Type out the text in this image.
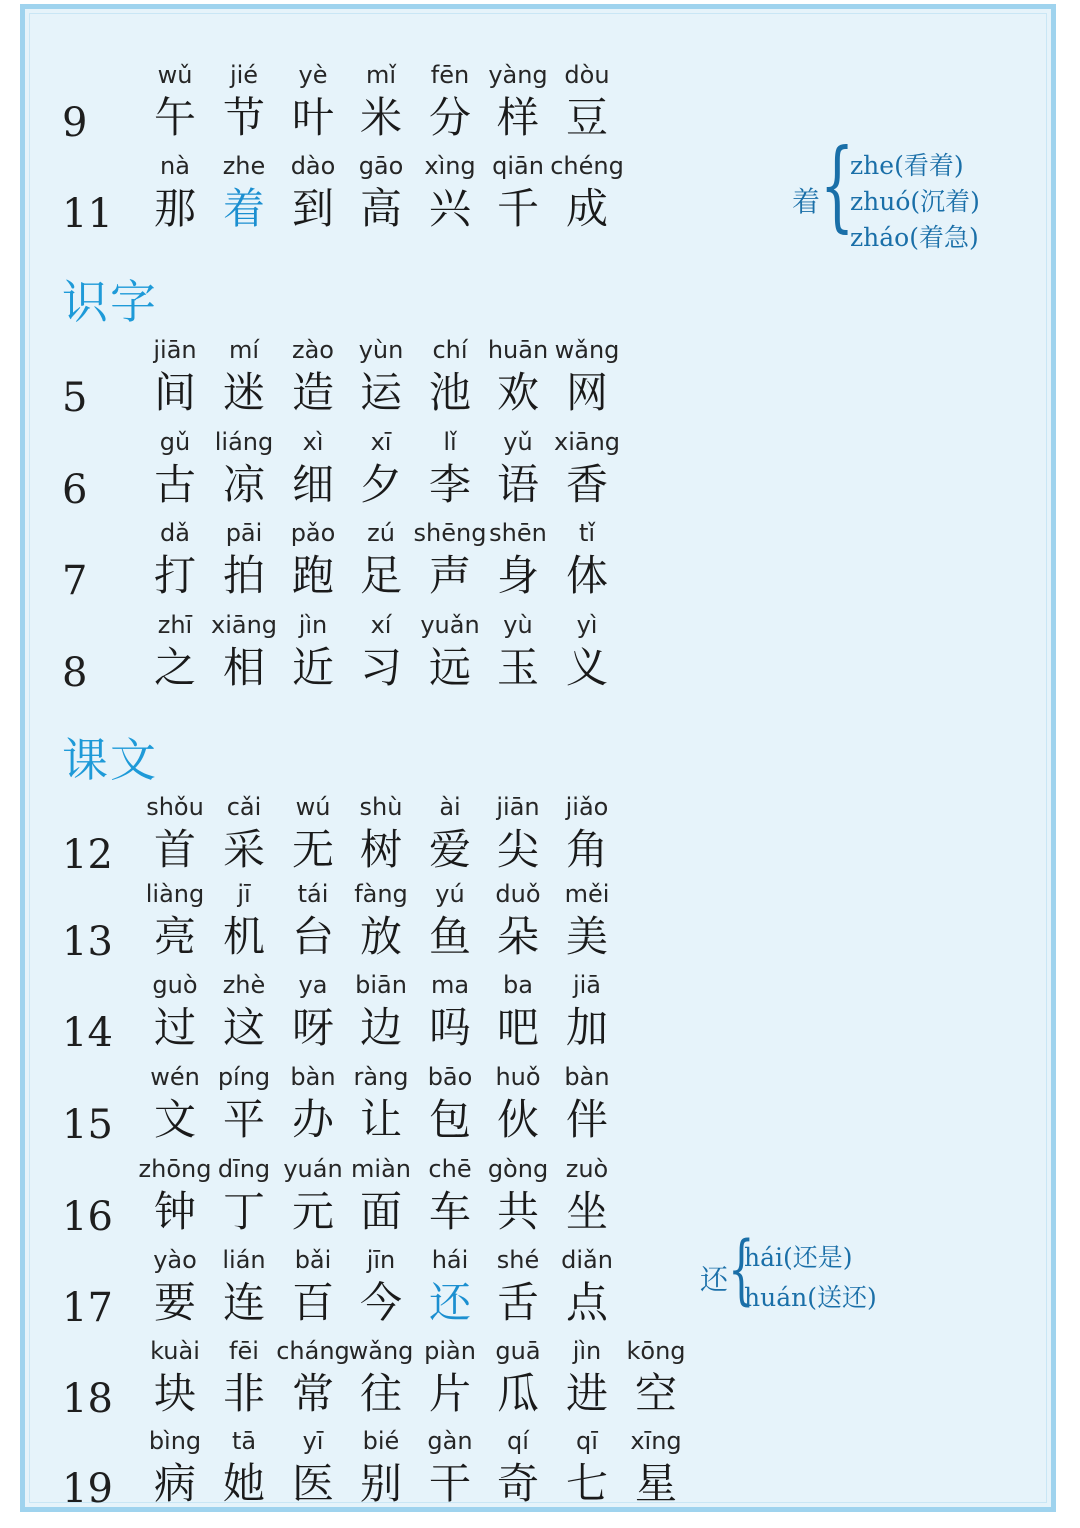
9
wǔ
午
jié
节
yè
叶
mǐ
米
fēn
分
yàng
样
dòu
豆
11
nà
那
zhe
着
dào
到
gāo
高
xìng
兴
qiān
千
chéng
成
5
jiān
间
mí
迷
zào
造
yùn
运
chí
池
huān
欢
wǎng
网
6
gǔ
古
liáng
凉
xì
细
xī
夕
lǐ
李
yǔ
语
xiāng
香
7
dǎ
打
pāi
拍
pǎo
跑
zú
足
shēng
声
shēn
身
tǐ
体
8
zhī
之
xiāng
相
jìn
近
xí
习
yuǎn
远
yù
玉
yì
义
12
shǒu
首
cǎi
采
wú
无
shù
树
ài
爱
jiān
尖
jiǎo
角
13
liàng
亮
jī
机
tái
台
fàng
放
yú
鱼
duǒ
朵
měi
美
14
guò
过
zhè
这
ya
呀
biān
边
ma
吗
ba
吧
jiā
加
15
wén
文
píng
平
bàn
办
ràng
让
bāo
包
huǒ
伙
bàn
伴
16
zhōng
钟
dīng
丁
yuán
元
miàn
面
chē
车
gòng
共
zuò
坐
17
yào
要
lián
连
bǎi
百
jīn
今
hái
还
shé
舌
diǎn
点
18
kuài
块
fēi
非
cháng
常
wǎng
往
piàn
片
guā
瓜
jìn
进
kōng
空
19
bìng
病
tā
她
yī
医
bié
别
gàn
干
qí
奇
qī
七
xīng
星
识字
课文
着 {
zhe(看着)
zhuó(沉着)
zháo(着急)
还 {
hái(还是)
huán(送还)
